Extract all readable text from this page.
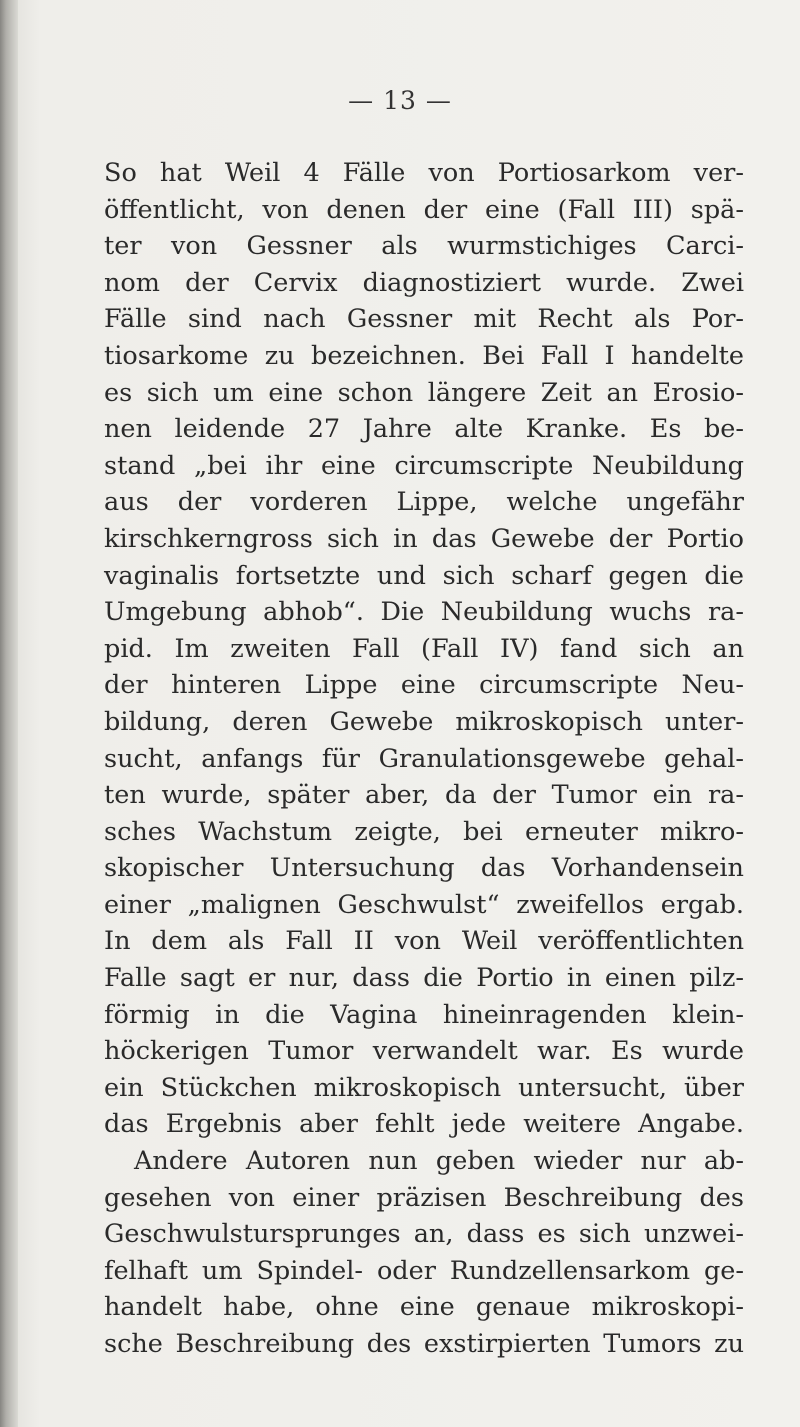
— 13 —
So hat Weil 4 Fälle von Portiosarkom ver-
öffentlicht, von denen der eine (Fall III) spä-
ter von Gessner als wurmstichiges Carci-
nom der Cervix diagnostiziert wurde. Zwei
Fälle sind nach Gessner mit Recht als Por-
tiosarkome zu bezeichnen. Bei Fall I handelte
es sich um eine schon längere Zeit an Erosio-
nen leidende 27 Jahre alte Kranke. Es be-
stand „bei ihr eine circumscripte Neubildung
aus der vorderen Lippe, welche ungefähr
kirschkerngross sich in das Gewebe der Portio
vaginalis fortsetzte und sich scharf gegen die
Umgebung abhob“. Die Neubildung wuchs ra-
pid. Im zweiten Fall (Fall IV) fand sich an
der hinteren Lippe eine circumscripte Neu-
bildung, deren Gewebe mikroskopisch unter-
sucht, anfangs für Granulationsgewebe gehal-
ten wurde, später aber, da der Tumor ein ra-
sches Wachstum zeigte, bei erneuter mikro-
skopischer Untersuchung das Vorhandensein
einer „malignen Geschwulst“ zweifellos ergab.
In dem als Fall II von Weil veröffentlichten
Falle sagt er nur, dass die Portio in einen pilz-
förmig in die Vagina hineinragenden klein-
höckerigen Tumor verwandelt war. Es wurde
ein Stückchen mikroskopisch untersucht, über
das Ergebnis aber fehlt jede weitere Angabe.
Andere Autoren nun geben wieder nur ab-
gesehen von einer präzisen Beschreibung des
Geschwulstursprunges an, dass es sich unzwei-
felhaft um Spindel- oder Rundzellensarkom ge-
handelt habe, ohne eine genaue mikroskopi-
sche Beschreibung des exstirpierten Tumors zu
